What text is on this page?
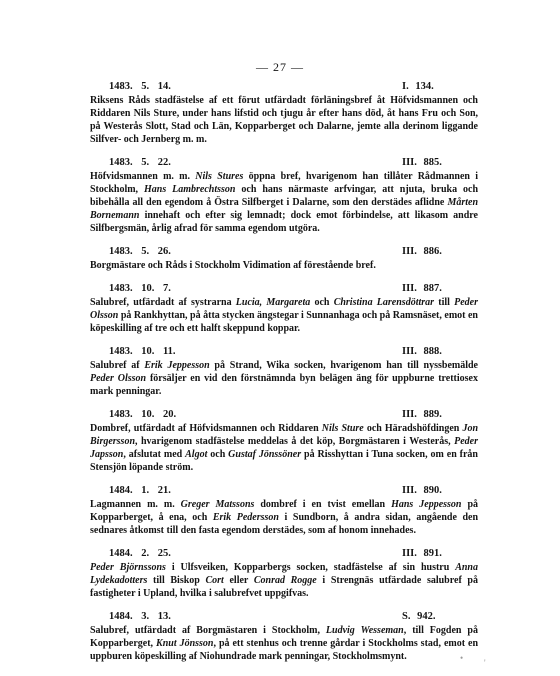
— 27 —
1483. 5. 14.	I. 134.
Riksens Råds stadfästelse af ett förut utfärdadt förläningsbref åt Höfvidsmannen och Riddaren Nils Sture, under hans lifstid och tjugu år efter hans död, åt hans Fru och Son, på Westerås Slott, Stad och Län, Kopparberget och Dalarne, jemte alla derinom liggande Silfver- och Jernberg m. m.
1483. 5. 22.	III. 885.
Höfvidsmannen m. m. Nils Stures öppna bref, hvarigenom han tillåter Rådmannen i Stockholm, Hans Lambrechtsson och hans närmaste arfvingar, att njuta, bruka och bibehålla all den egendom å Östra Silfberget i Dalarne, som den derstädes aflidne Mårten Bornemann innehaft och efter sig lemnadt; dock emot förbindelse, att likasom andre Silfbergsmän, årlig afrad för samma egendom utgöra.
1483. 5. 26.	III. 886.
Borgmästare och Råds i Stockholm Vidimation af förestående bref.
1483. 10. 7.	III. 887.
Salubref, utfärdadt af systrarna Lucia, Margareta och Christina Larensdöttrar till Peder Olsson på Rankhyttan, på åtta stycken ängstegar i Sunnanhaga och på Ramsnäset, emot en köpeskilling af tre och ett halft skeppund koppar.
1483. 10. 11.	III. 888.
Salubref af Erik Jeppesson på Strand, Wika socken, hvarigenom han till nyssbemälde Peder Olsson försäljer en vid den förstnämnda byn belägen äng för uppburne trettiosex mark penningar.
1483. 10. 20.	III. 889.
Dombref, utfärdadt af Höfvidsmannen och Riddaren Nils Sture och Häradshöfdingen Jon Birgersson, hvarigenom stadfästelse meddelas å det köp, Borgmästaren i Westerås, Peder Japsson, afslutat med Algot och Gustaf Jönssöner på Risshyttan i Tuna socken, om en från Stensjön löpande ström.
1484. 1. 21.	III. 890.
Lagmannen m. m. Greger Matssons dombref i en tvist emellan Hans Jeppesson på Kopparberget, å ena, och Erik Pedersson i Sundborn, å andra sidan, angående den sednares åtkomst till den fasta egendom derstädes, som af honom innehades.
1484. 2. 25.	III. 891.
Peder Björnssons i Ulfsveiken, Kopparbergs socken, stadfästelse af sin hustru Anna Lydekadotters till Biskop Cort eller Conrad Rogge i Strengnäs utfärdade salubref på fastigheter i Upland, hvilka i salubrefvet uppgifvas.
1484. 3. 13.	S. 942.
Salubref, utfärdadt af Borgmästaren i Stockholm, Ludvig Wesseman, till Fogden på Kopparberget, Knut Jönsson, på ett stenhus och trenne gårdar i Stockholms stad, emot en uppburen köpeskilling af Niohundrade mark penningar, Stockholmsmynt.	• '
